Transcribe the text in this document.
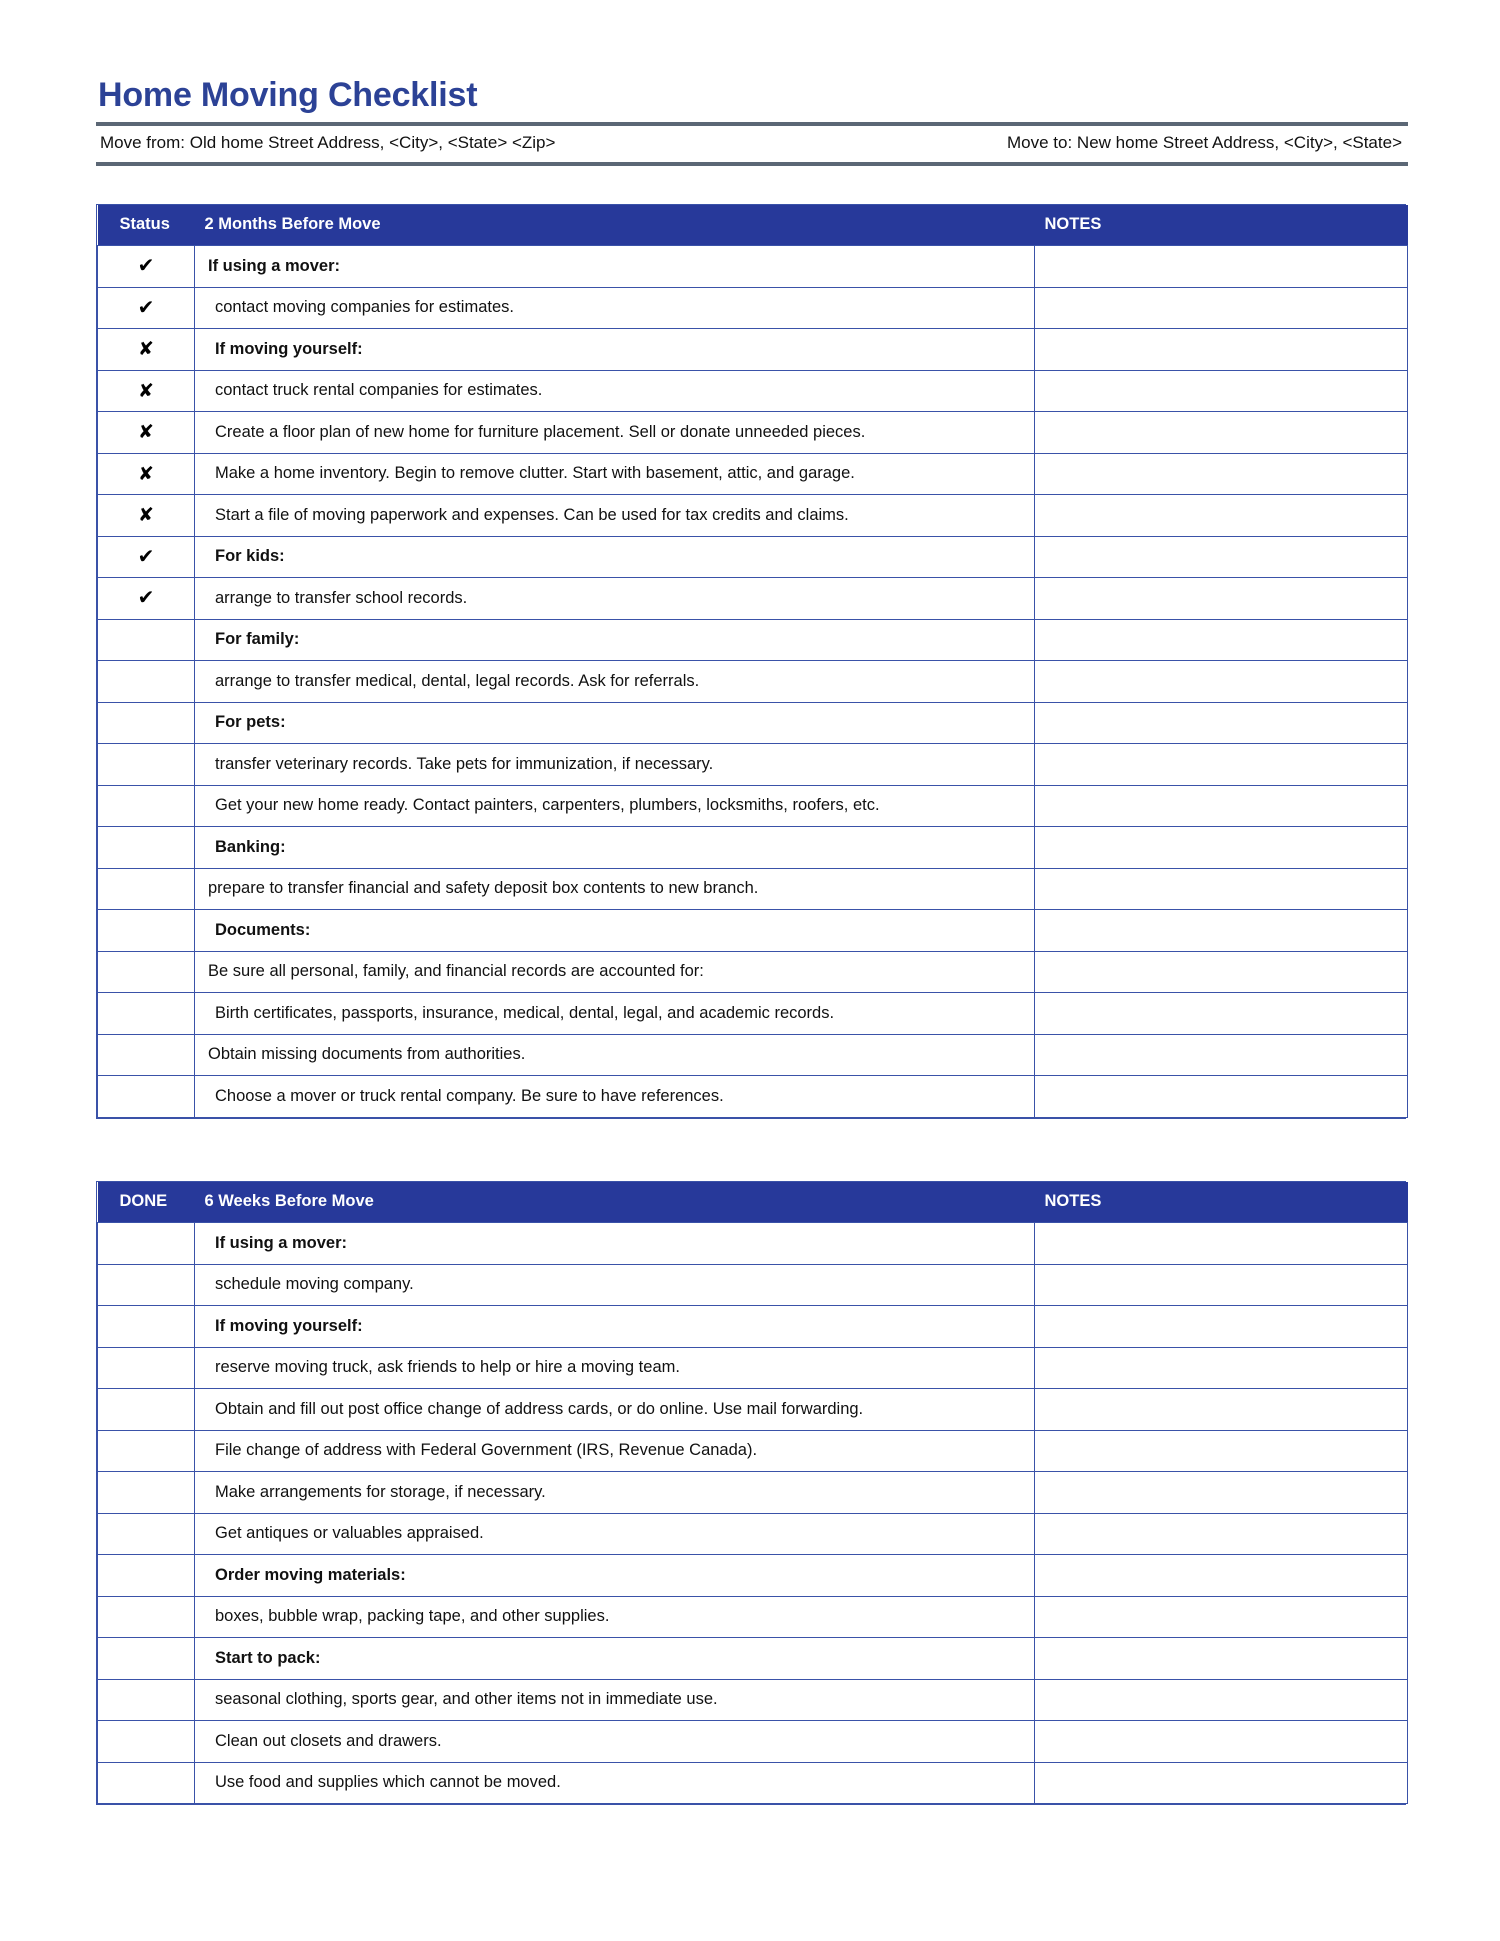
Home Moving Checklist
Move from: Old home Street Address, <City>, <State> <Zip>	Move to: New home Street Address, <City>, <State>
Status	2 Months Before Move	NOTES
✔	If using a mover:	
✔	contact moving companies for estimates.	
✘	If moving yourself:	
✘	contact truck rental companies for estimates.	
✘	Create a floor plan of new home for furniture placement. Sell or donate unneeded pieces.	
✘	Make a home inventory. Begin to remove clutter. Start with basement, attic, and garage.	
✘	Start a file of moving paperwork and expenses. Can be used for tax credits and claims.	
✔	For kids:	
✔	arrange to transfer school records.	
	For family:	
	arrange to transfer medical, dental, legal records. Ask for referrals.	
	For pets:	
	transfer veterinary records. Take pets for immunization, if necessary.	
	Get your new home ready. Contact painters, carpenters, plumbers, locksmiths, roofers, etc.	
	Banking:	
	prepare to transfer financial and safety deposit box contents to new branch.	
	Documents:	
	Be sure all personal, family, and financial records are accounted for:	
	Birth certificates, passports, insurance, medical, dental, legal, and academic records.	
	Obtain missing documents from authorities.	
	Choose a mover or truck rental company. Be sure to have references.	
DONE	6 Weeks Before Move	NOTES
	If using a mover:	
	schedule moving company.	
	If moving yourself:	
	reserve moving truck, ask friends to help or hire a moving team.	
	Obtain and fill out post office change of address cards, or do online. Use mail forwarding.	
	File change of address with Federal Government (IRS, Revenue Canada).	
	Make arrangements for storage, if necessary.	
	Get antiques or valuables appraised.	
	Order moving materials:	
	boxes, bubble wrap, packing tape, and other supplies.	
	Start to pack:	
	seasonal clothing, sports gear, and other items not in immediate use.	
	Clean out closets and drawers.	
	Use food and supplies which cannot be moved.	
